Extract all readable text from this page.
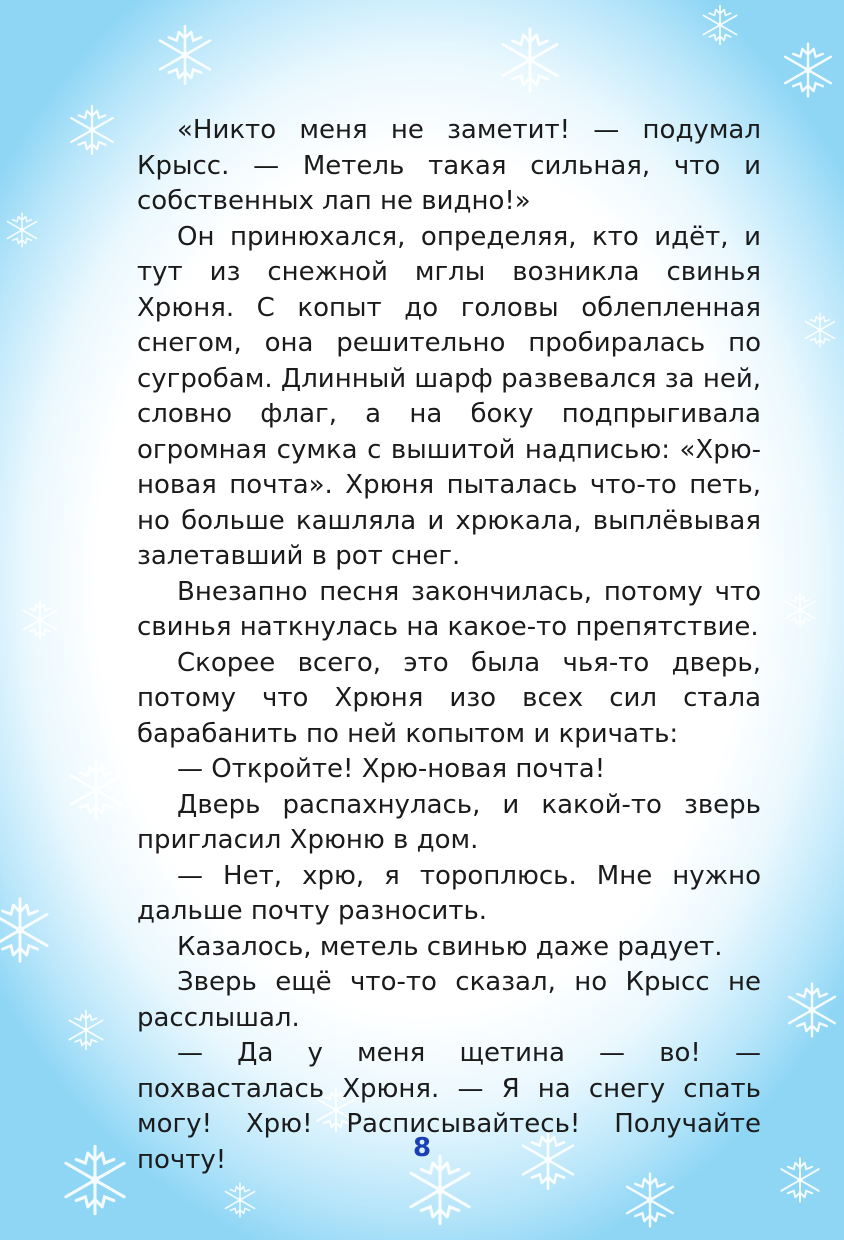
«Никто меня не заметит! — подумал Крысс. — Метель такая сильная, что и собственных лап не видно!»

Он принюхался, определяя, кто идёт, и тут из снежной мглы возникла свинья Хрюня. С копыт до головы облепленная снегом, она решительно пробиралась по сугробам. Длинный шарф развевался за ней, словно флаг, а на боку подпрыгивала огромная сумка с вышитой надписью: «Хрю-новая почта». Хрюня пыталась что-то петь, но больше кашляла и хрюкала, выплёвывая залетавший в рот снег.

Внезапно песня закончилась, потому что свинья наткнулась на какое-то препятствие.

Скорее всего, это была чья-то дверь, потому что Хрюня изо всех сил стала барабанить по ней копытом и кричать:

— Откройте! Хрю-новая почта!

Дверь распахнулась, и какой-то зверь пригласил Хрюню в дом.

— Нет, хрю, я тороплюсь. Мне нужно дальше почту разносить.

Казалось, метель свинью даже радует.

Зверь ещё что-то сказал, но Крысс не расслышал.

— Да у меня щетина — во! — похвасталась Хрюня. — Я на снегу спать могу! Хрю! Расписывайтесь! Получайте почту!	8
